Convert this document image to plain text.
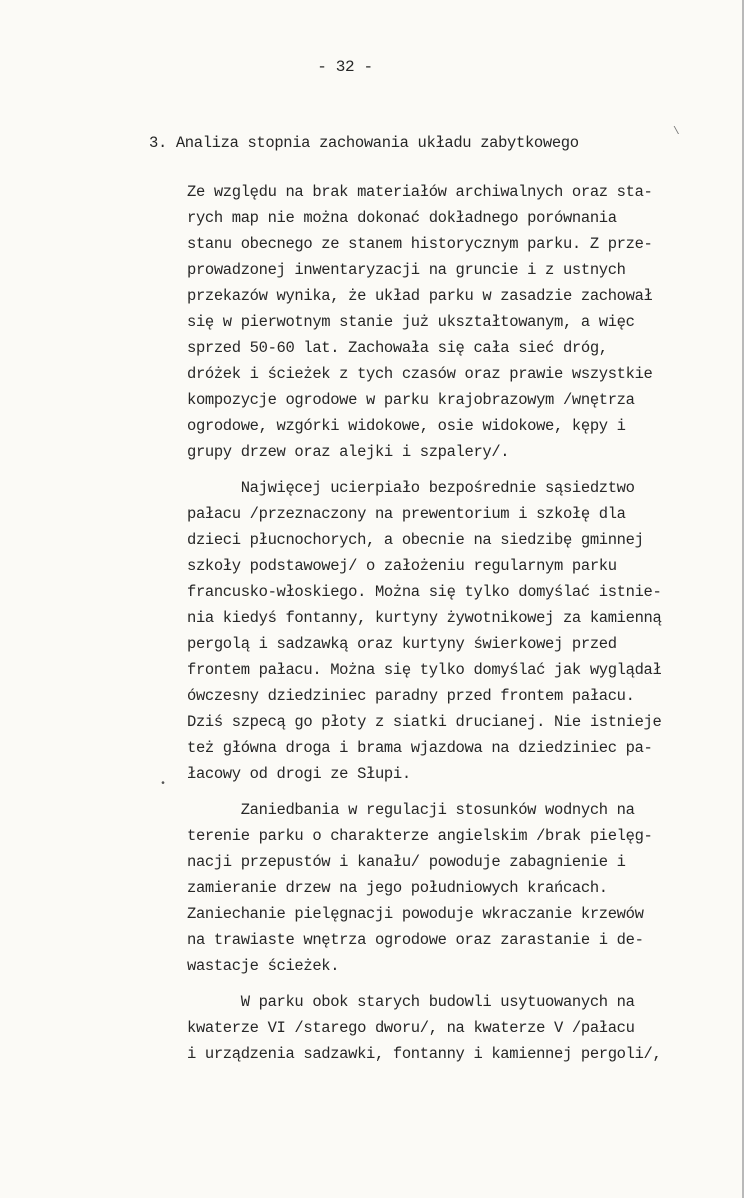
- 32 -
3. Analiza stopnia zachowania układu zabytkowego
Ze względu na brak materiałów archiwalnych oraz sta-
rych map nie można dokonać dokładnego porównania
stanu obecnego ze stanem historycznym parku. Z prze-
prowadzonej inwentaryzacji na gruncie i z ustnych
przekazów wynika, że układ parku w zasadzie zachował
się w pierwotnym stanie już ukształtowanym, a więc
sprzed 50-60 lat. Zachowała się cała sieć dróg,
dróżek i ścieżek z tych czasów oraz prawie wszystkie
kompozycje ogrodowe w parku krajobrazowym /wnętrza
ogrodowe, wzgórki widokowe, osie widokowe, kępy i
grupy drzew oraz alejki i szpalery/.
Najwięcej ucierpiało bezpośrednie sąsiedztwo
pałacu /przeznaczony na prewentorium i szkołę dla
dzieci płucnochorych, a obecnie na siedzibę gminnej
szkoły podstawowej/ o założeniu regularnym parku
francusko-włoskiego. Można się tylko domyślać istnie-
nia kiedyś fontanny, kurtyny żywotnikowej za kamienną
pergolą i sadzawką oraz kurtyny świerkowej przed
frontem pałacu. Można się tylko domyślać jak wyglądał
ówczesny dziedziniec paradny przed frontem pałacu.
Dziś szpecą go płoty z siatki drucianej. Nie istnieje
też główna droga i brama wjazdowa na dziedziniec pa-
łacowy od drogi ze Słupi.
Zaniedbania w regulacji stosunków wodnych na
terenie parku o charakterze angielskim /brak pielęg-
nacji przepustów i kanału/ powoduje zabagnienie i
zamieranie drzew na jego południowych krańcach.
Zaniechanie pielęgnacji powoduje wkraczanie krzewów
na trawiaste wnętrza ogrodowe oraz zarastanie i de-
wastacje ścieżek.
W parku obok starych budowli usytuowanych na
kwaterze VI /starego dworu/, na kwaterze V /pałacu
i urządzenia sadzawki, fontanny i kamiennej pergoli/,
•
\
